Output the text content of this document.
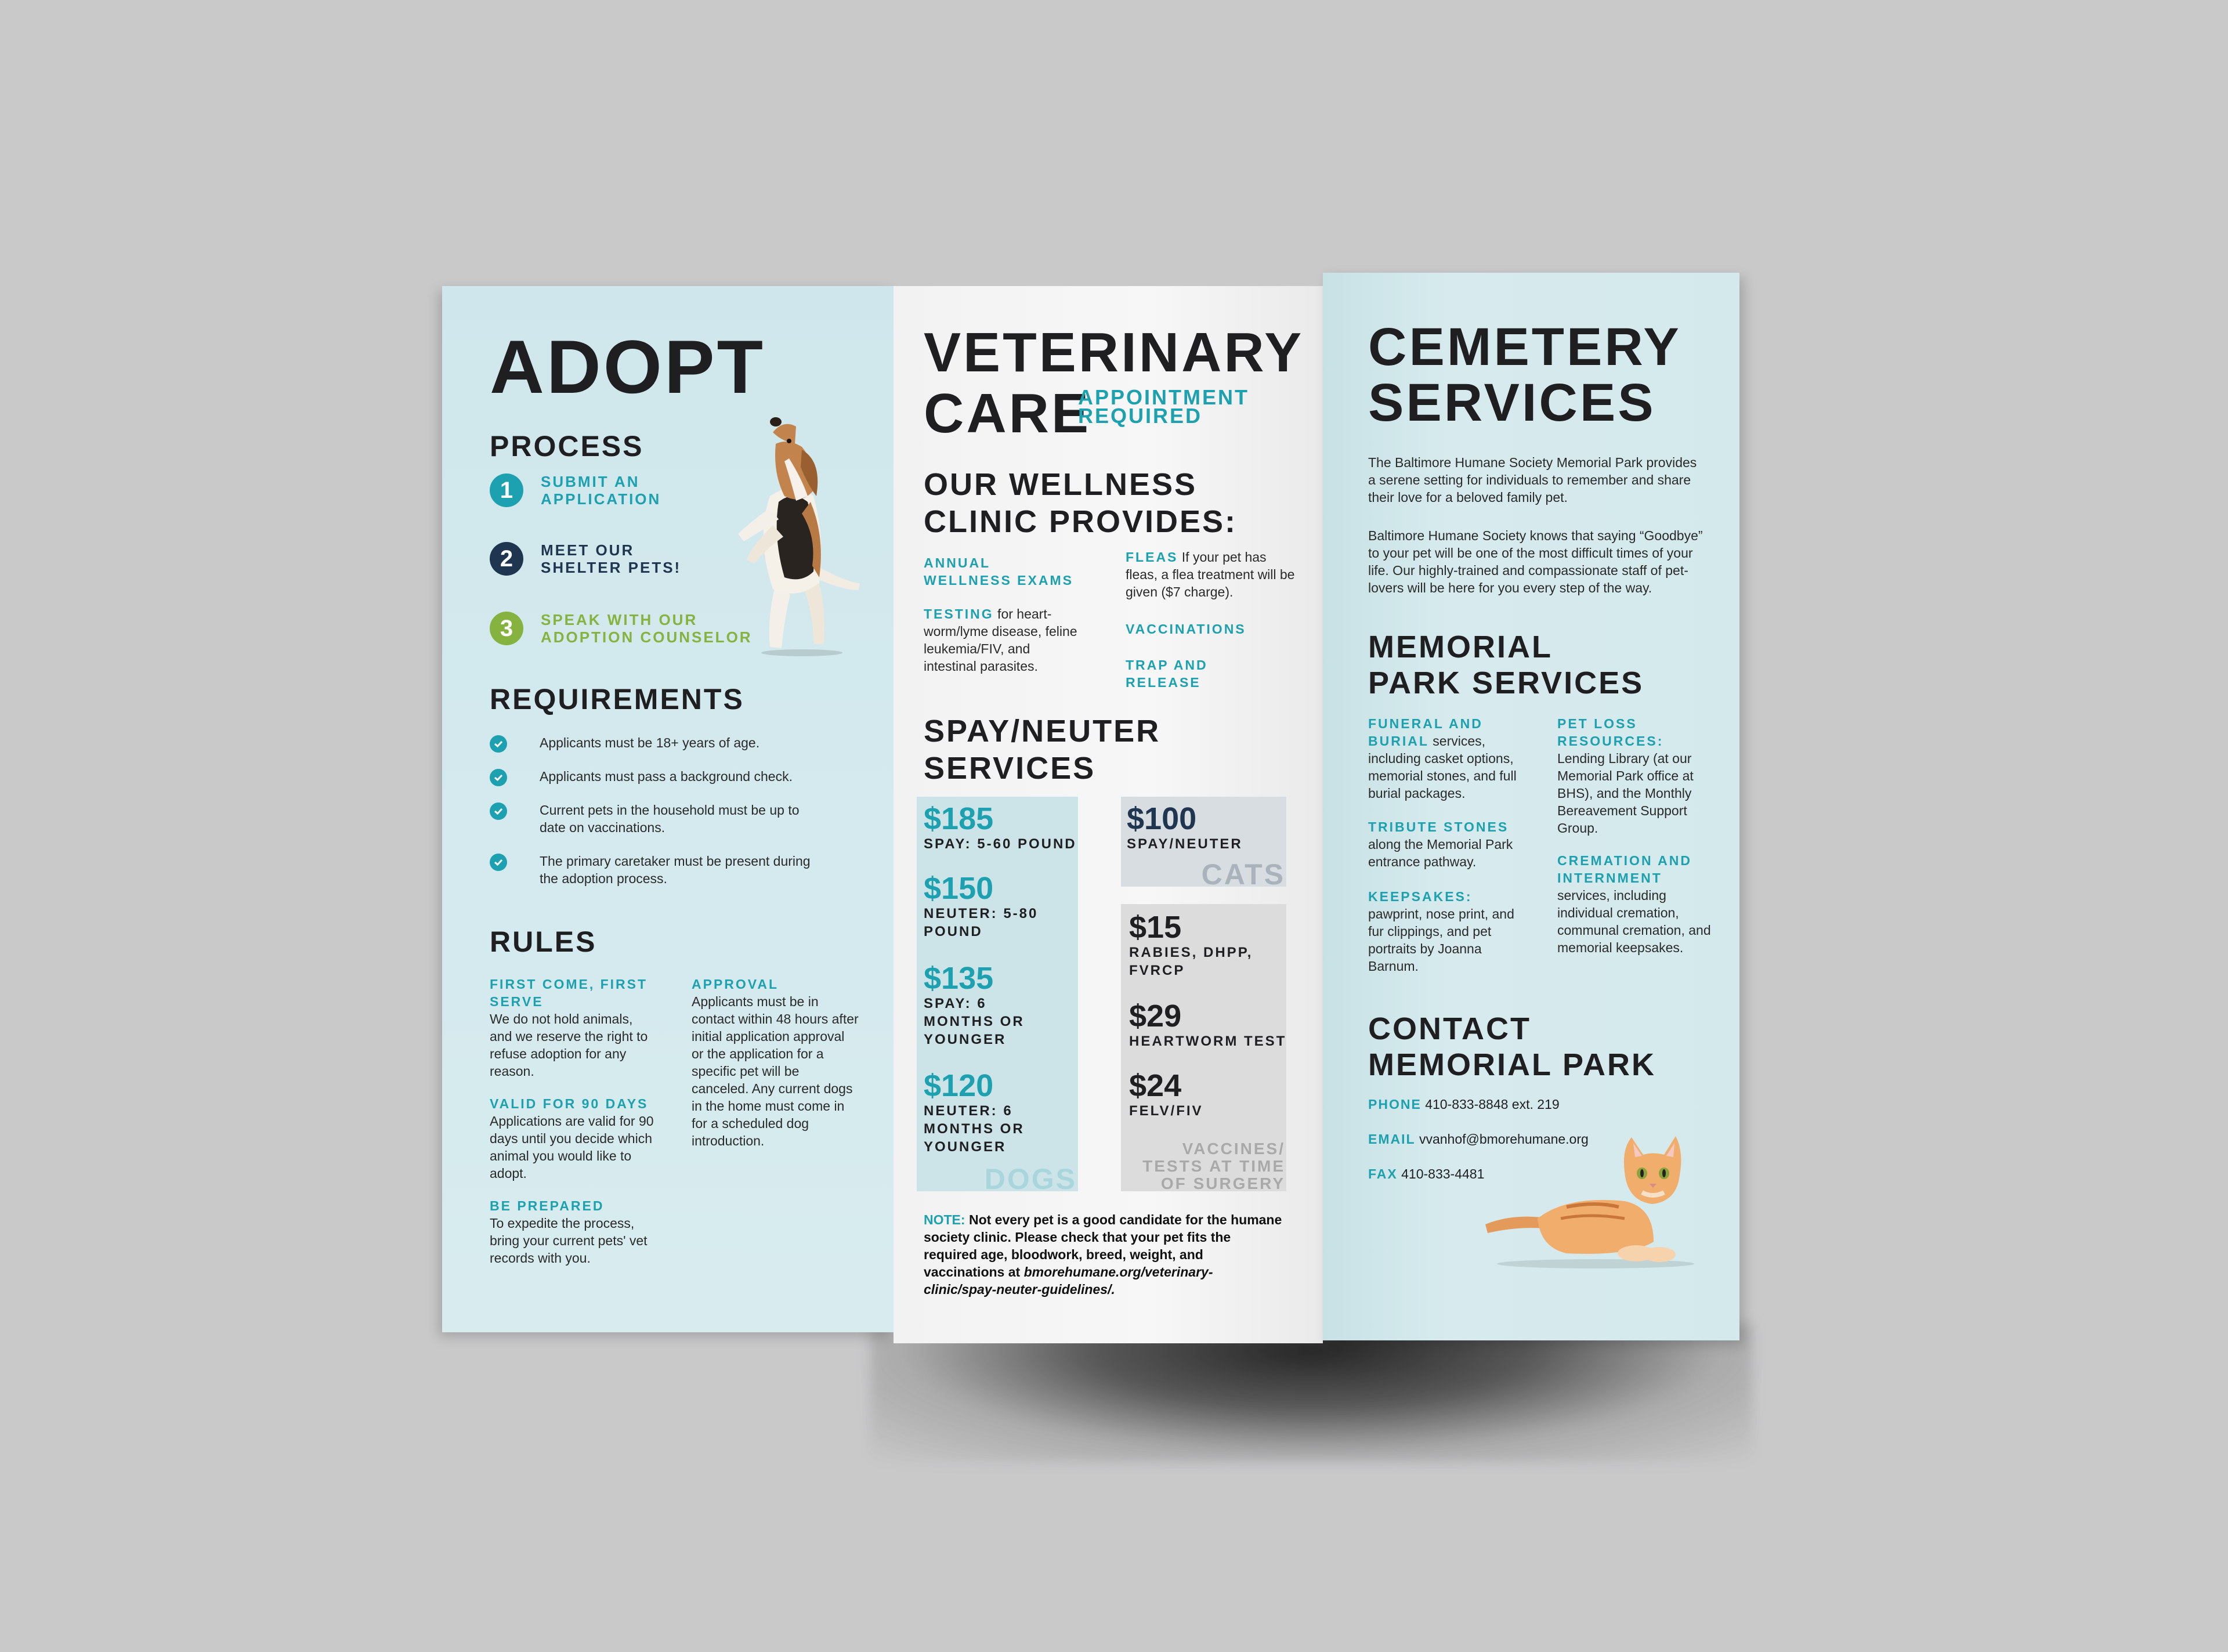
ADOPT
PROCESS
1	SUBMIT AN
APPLICATION
2	MEET OUR
SHELTER PETS!
3	SPEAK WITH OUR
ADOPTION COUNSELOR
REQUIREMENTS
Applicants must be 18+ years of age.
Applicants must pass a background check.
Current pets in the household must be up to date on vaccinations.
The primary caretaker must be present during the adoption process.
RULES
FIRST COME, FIRST SERVE
We do not hold animals, and we reserve the right to refuse adoption for any reason.
VALID FOR 90 DAYS
Applications are valid for 90 days until you decide which animal you would like to adopt.
BE PREPARED
To expedite the process, bring your current pets' vet records with you.
APPROVAL
Applicants must be in contact within 48 hours after initial application approval or the application for a specific pet will be canceled. Any current dogs in the home must come in for a scheduled dog introduction.
VETERINARY
CARE
APPOINTMENT
REQUIRED
OUR WELLNESS
CLINIC PROVIDES:
ANNUAL WELLNESS EXAMS
TESTING for heart-worm/lyme disease, feline leukemia/FIV, and intestinal parasites.
FLEAS If your pet has fleas, a flea treatment will be given ($7 charge).
VACCINATIONS
TRAP AND RELEASE
SPAY/NEUTER
SERVICES
DOGS
CATS
VACCINES/
TESTS AT TIME
OF SURGERY
$185
SPAY: 5-60 POUND
$150
NEUTER: 5-80
POUND
$135
SPAY: 6
MONTHS OR
YOUNGER
$120
NEUTER: 6
MONTHS OR
YOUNGER
$100
SPAY/NEUTER
$15
RABIES, DHPP,
FVRCP
$29
HEARTWORM TEST
$24
FELV/FIV
NOTE: Not every pet is a good candidate for the humane society clinic. Please check that your pet fits the required age, bloodwork, breed, weight, and vaccinations at bmorehumane.org/veterinary-clinic/spay-neuter-guidelines/.
CEMETERY
SERVICES
The Baltimore Humane Society Memorial Park provides a serene setting for individuals to remember and share their love for a beloved family pet.
Baltimore Humane Society knows that saying “Goodbye” to your pet will be one of the most difficult times of your life. Our highly-trained and compassionate staff of pet-lovers will be here for you every step of the way.
MEMORIAL
PARK SERVICES
FUNERAL AND BURIAL services, including casket options, memorial stones, and full burial packages.
TRIBUTE STONES
along the Memorial Park entrance pathway.
KEEPSAKES:
pawprint, nose print, and fur clippings, and pet portraits by Joanna Barnum.
PET LOSS RESOURCES:
Lending Library (at our Memorial Park office at BHS), and the Monthly Bereavement Support Group.
CREMATION AND INTERNMENT
services, including individual cremation, communal cremation, and memorial keepsakes.
CONTACT
MEMORIAL PARK
PHONE 410-833-8848 ext. 219
EMAIL vvanhof@bmorehumane.org
FAX 410-833-4481
